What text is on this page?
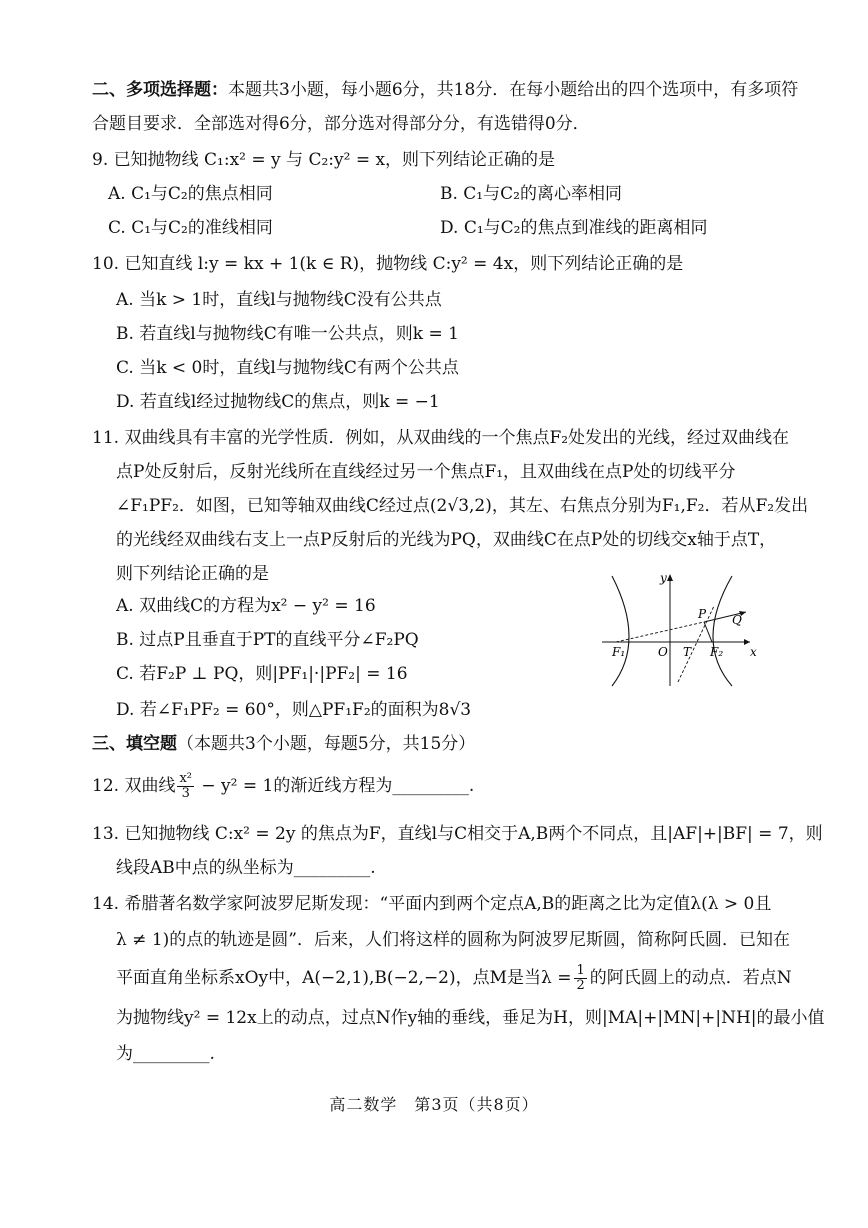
二、多项选择题：本题共3小题，每小题6分，共18分．在每小题给出的四个选项中，有多项符
合题目要求．全部选对得6分，部分选对得部分分，有选错得0分．
9. 已知抛物线 C₁:x² = y 与 C₂:y² = x，则下列结论正确的是
A. C₁与C₂的焦点相同	B. C₁与C₂的离心率相同
C. C₁与C₂的准线相同	D. C₁与C₂的焦点到准线的距离相同
10. 已知直线 l:y = kx + 1(k ∈ R)，抛物线 C:y² = 4x，则下列结论正确的是
A. 当k > 1时，直线l与抛物线C没有公共点
B. 若直线l与抛物线C有唯一公共点，则k = 1
C. 当k < 0时，直线l与抛物线C有两个公共点
D. 若直线l经过抛物线C的焦点，则k = −1
11. 双曲线具有丰富的光学性质．例如，从双曲线的一个焦点F₂处发出的光线，经过双曲线在
点P处反射后，反射光线所在直线经过另一个焦点F₁，且双曲线在点P处的切线平分
∠F₁PF₂．如图，已知等轴双曲线C经过点(2√3,2)，其左、右焦点分别为F₁,F₂．若从F₂发出
的光线经双曲线右支上一点P反射后的光线为PQ，双曲线C在点P处的切线交x轴于点T，
则下列结论正确的是
A. 双曲线C的方程为x² − y² = 16
B. 过点P且垂直于PT的直线平分∠F₂PQ
C. 若F₂P ⊥ PQ，则|PF₁|·|PF₂| = 16
D. 若∠F₁PF₂ = 60°，则△PF₁F₂的面积为8√3
y
x
P Q
F₁	O T F₂
三、填空题（本题共3个小题，每题5分，共15分）
12. 双曲线 $\frac{\text{x²}}{3} - y^2 = 1$的渐近线方程为_________.
13. 已知抛物线 C:x² = 2y 的焦点为F，直线l与C相交于A,B两个不同点，且|AF|+|BF| = 7，则
线段AB中点的纵坐标为_________.
14. 希腊著名数学家阿波罗尼斯发现：“平面内到两个定点A,B的距离之比为定值λ(λ > 0且
λ ≠ 1)的点的轨迹是圆”．后来，人们将这样的圆称为阿波罗尼斯圆，简称阿氏圆．已知在
平面直角坐标系xOy中，A(−2,1),B(−2,−2)，点M是当$\lambda = \frac{1}{2}$ 的阿氏圆上的动点．若点N
为抛物线y² = 12x上的动点，过点N作y轴的垂线，垂足为H，则|MA|+|MN|+|NH|的最小值
为_________.
高二数学　第3页（共8页）
